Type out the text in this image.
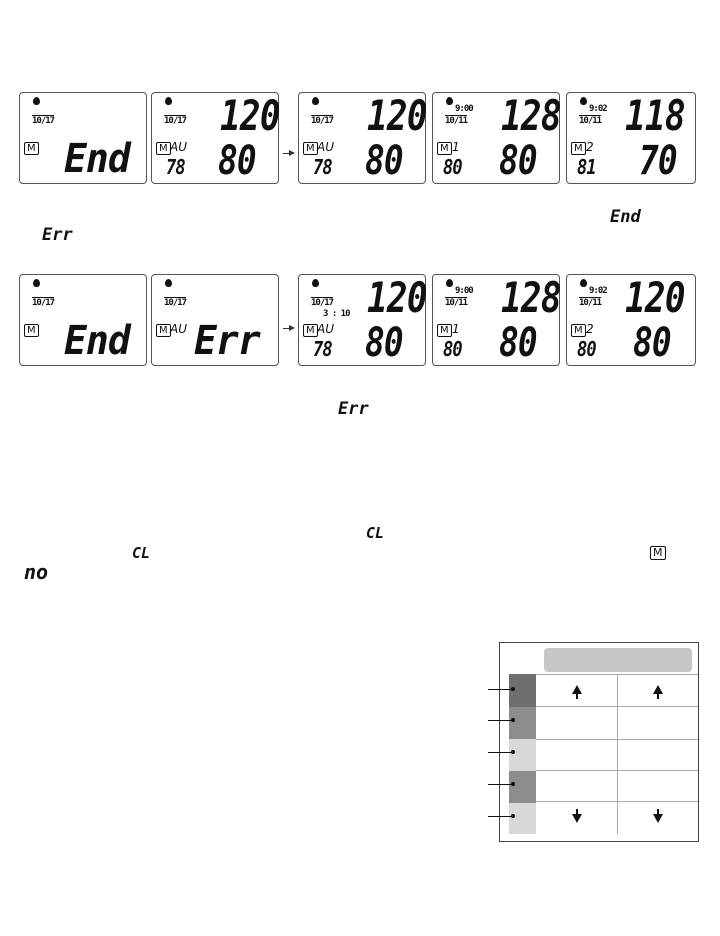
10/17
M End
10/17 120
M AU
78 80
10/17 120
M AU
78 80
9:00
10/11 128
M 1
80 80
9:02
10/11 118
M 2
81 70
End
Err
10/17
M End
10/17
M AU Err
10/17
3 : 10 120
M AU
78 80
9:00
10/11 128
M 1
80 80
9:02
10/11 120
M 2
80 80
Err
CL
CL	M
no
